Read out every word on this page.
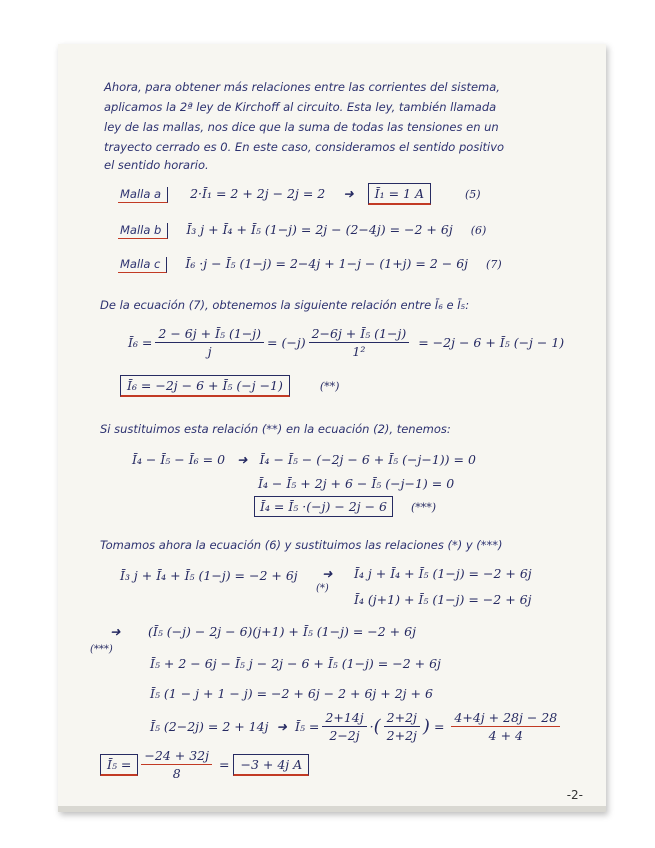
Ahora, para obtener más relaciones entre las corrientes del sistema,
aplicamos la 2ª ley de Kirchoff al circuito. Esta ley, también llamada
ley de las mallas, nos dice que la suma de todas las tensiones en un
trayecto cerrado es 0. En este caso, consideramos el sentido positivo
el sentido horario.
Malla a 2·Ī₁ = 2 + 2j − 2j = 2 ➜ Ī₁ = 1 A	(5)
Malla b Ī₃ j + Ī₄ + Ī₅ (1−j) = 2j − (2−4j) = −2 + 6j (6)
Malla c Ī₆ ·j − Ī₅ (1−j) = 2−4j + 1−j − (1+j) = 2 − 6j (7)
De la ecuación (7), obtenemos la siguiente relación entre Ī₆ e Ī₅:
Ī₆ = $\frac{\text{2 − 6j + Ī₅ (1−j)}}{j} = (-j) \frac{\text{2−6j + Ī₅ (1−j)}}{\text{1²}} = -2j - 6$ + Ī₅ (−j − 1)
Ī₆ = −2j − 6 + Ī₅ (−j −1)	(**)
Si sustituimos esta relación (**) en la ecuación (2), tenemos:
Ī₄ − Ī₅ − Ī₆ = 0 ➜ Ī₄ − Ī₅ − (−2j − 6 + Ī₅ (−j−1)) = 0
Ī₄ − Ī₅ + 2j + 6 − Ī₅ (−j−1) = 0
Ī₄ = Ī₅ ·(−j) − 2j − 6 (***)
Tomamos ahora la ecuación (6) y sustituimos las relaciones (*) y (***)
Ī₃ j + Ī₄ + Ī₅ (1−j) = −2 + 6j ➜
(*)
Ī₄ j + Ī₄ + Ī₅ (1−j) = −2 + 6j
Ī₄ (j+1) + Ī₅ (1−j) = −2 + 6j
➜
(***)
(Ī₅ (−j) − 2j − 6)(j+1) + Ī₅ (1−j) = −2 + 6j
Ī₅ + 2 − 6j − Ī₅ j − 2j − 6 + Ī₅ (1−j) = −2 + 6j
Ī₅ (1 − j + 1 − j) = −2 + 6j − 2 + 6j + 2j + 6
Ī₅ (2−2j) = 2 + 14j ➜ Ī₅ = $\frac{2+14j}{2-2j}$ · ( $\frac{2+2j}{2+2j}$ ) = $\frac{4+4j + 28j - 28}{4 + 4}$
Ī₅ = $\frac{-24 + 32j}{8} = -3 + 4j$ A
-2-
